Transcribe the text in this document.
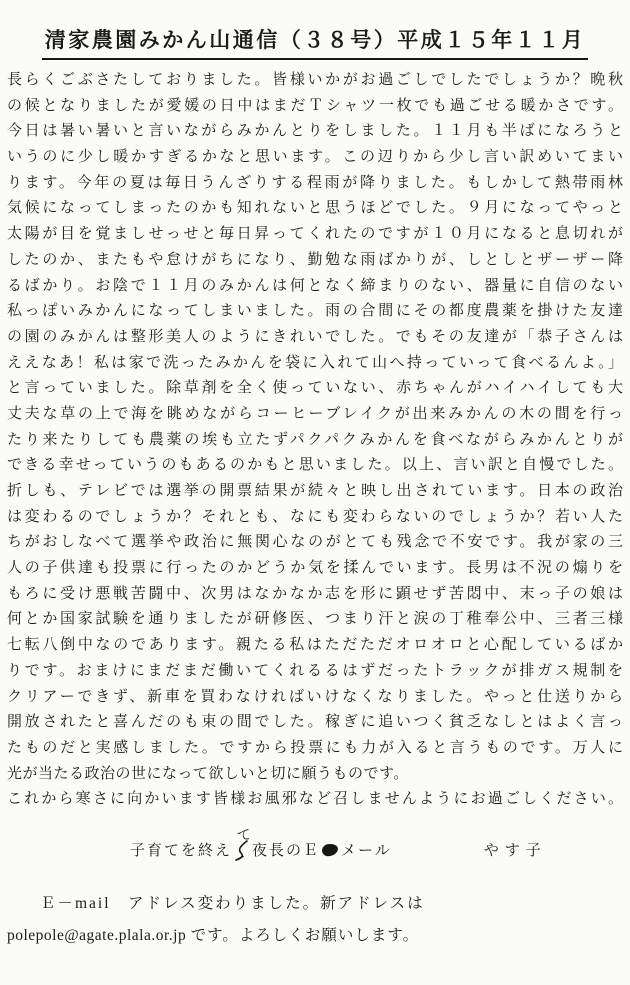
清家農園みかん山通信（３８号）平成１５年１１月
長らくごぶさたしておりました。皆様いかがお過ごしでしたでしょうか？晩秋
の候となりましたが愛媛の日中はまだＴシャツ一枚でも過ごせる暖かさです。
今日は暑い暑いと言いながらみかんとりをしました。１１月も半ばになろうと
いうのに少し暖かすぎるかなと思います。この辺りから少し言い訳めいてまい
ります。今年の夏は毎日うんざりする程雨が降りました。もしかして熱帯雨林
気候になってしまったのかも知れないと思うほどでした。９月になってやっと
太陽が目を覚ましせっせと毎日昇ってくれたのですが１０月になると息切れが
したのか、またもや怠けがちになり、勤勉な雨ばかりが、しとしとザーザー降
るばかり。お陰で１１月のみかんは何となく締まりのない、器量に自信のない
私っぽいみかんになってしまいました。雨の合間にその都度農薬を掛けた友達
の園のみかんは整形美人のようにきれいでした。でもその友達が「恭子さんは
ええなあ！私は家で洗ったみかんを袋に入れて山へ持っていって食べるんよ。」
と言っていました。除草剤を全く使っていない、赤ちゃんがハイハイしても大
丈夫な草の上で海を眺めながらコーヒーブレイクが出来みかんの木の間を行っ
たり来たりしても農薬の埃も立たずパクパクみかんを食べながらみかんとりが
できる幸せっていうのもあるのかもと思いました。以上、言い訳と自慢でした。
折しも、テレビでは選挙の開票結果が続々と映し出されています。日本の政治
は変わるのでしょうか？それとも、なにも変わらないのでしょうか？若い人た
ちがおしなべて選挙や政治に無関心なのがとても残念で不安です。我が家の三
人の子供達も投票に行ったのかどうか気を揉んでいます。長男は不況の煽りを
もろに受け悪戦苦闘中、次男はなかなか志を形に顕せず苦悶中、末っ子の娘は
何とか国家試験を通りましたが研修医、つまり汗と涙の丁稚奉公中、三者三様
七転八倒中なのであります。親たる私はただただオロオロと心配しているばか
りです。おまけにまだまだ働いてくれるるはずだったトラックが排ガス規制を
クリアーできず、新車を買わなければいけなくなりました。やっと仕送りから
開放されたと喜んだのも束の間でした。稼ぎに追いつく貧乏なしとはよく言っ
たものだと実感しました。ですから投票にも力が入ると言うものです。万人に
光が当たる政治の世になって欲しいと切に願うものです。
これから寒さに向かいます皆様お風邪など召しませんようにお過ごしください。
子育てを終え
て
夜長のＥ メール	やす子
Ｅ－mail　アドレス変わりました。新アドレスは
polepole@agate.plala.or.jp です。よろしくお願いします。
